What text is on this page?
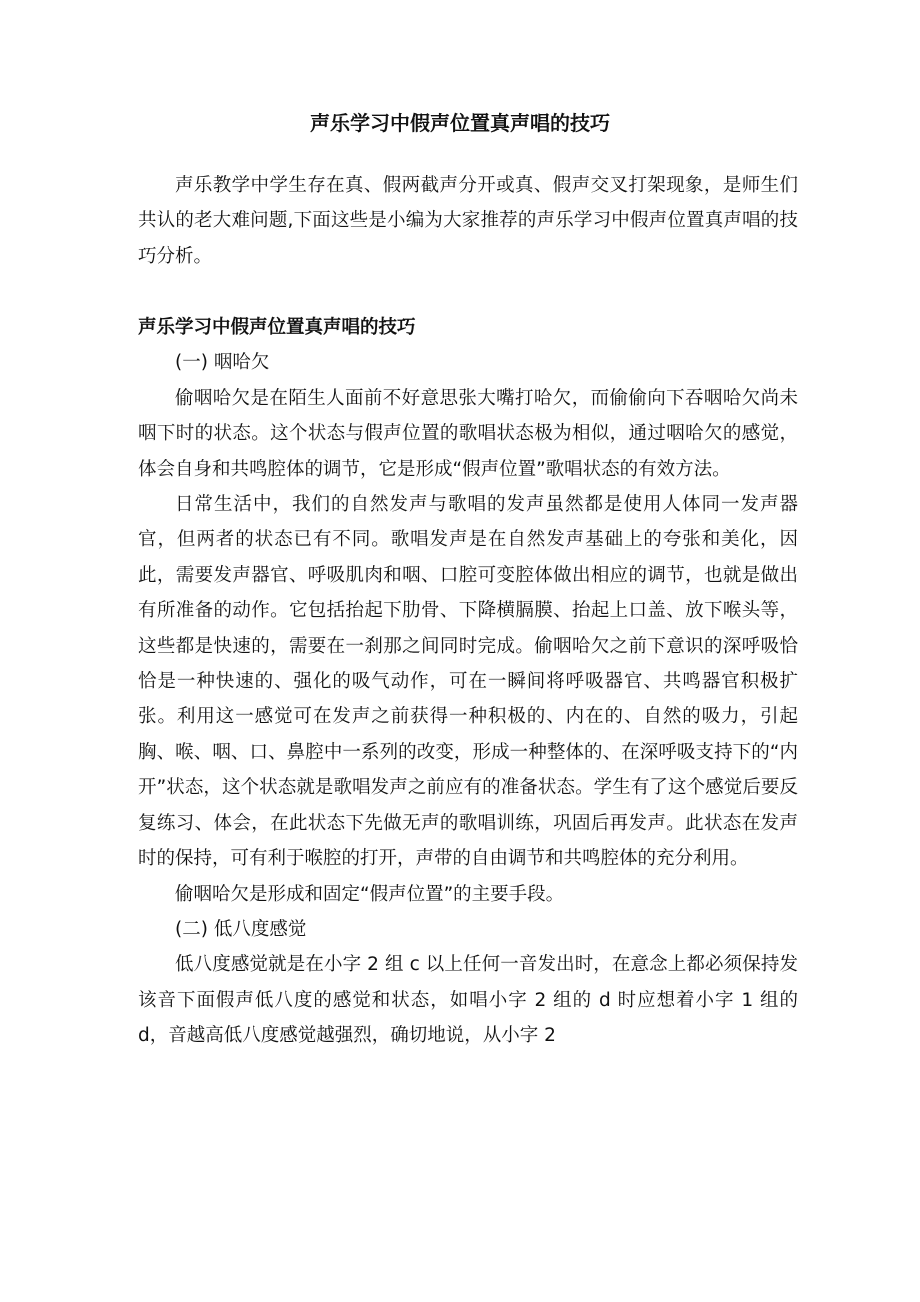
声乐学习中假声位置真声唱的技巧

声乐教学中学生存在真、假两截声分开或真、假声交叉打架现象，是师生们共认的老大难问题,下面这些是小编为大家推荐的声乐学习中假声位置真声唱的技巧分析。

声乐学习中假声位置真声唱的技巧

(一) 咽哈欠

偷咽哈欠是在陌生人面前不好意思张大嘴打哈欠，而偷偷向下吞咽哈欠尚未咽下时的状态。这个状态与假声位置的歌唱状态极为相似，通过咽哈欠的感觉，体会自身和共鸣腔体的调节，它是形成“假声位置”歌唱状态的有效方法。

日常生活中，我们的自然发声与歌唱的发声虽然都是使用人体同一发声器官，但两者的状态已有不同。歌唱发声是在自然发声基础上的夸张和美化，因此，需要发声器官、呼吸肌肉和咽、口腔可变腔体做出相应的调节，也就是做出有所准备的动作。它包括抬起下肋骨、下降横膈膜、抬起上口盖、放下喉头等，这些都是快速的，需要在一刹那之间同时完成。偷咽哈欠之前下意识的深呼吸恰恰是一种快速的、强化的吸气动作，可在一瞬间将呼吸器官、共鸣器官积极扩张。利用这一感觉可在发声之前获得一种积极的、内在的、自然的吸力，引起胸、喉、咽、口、鼻腔中一系列的改变，形成一种整体的、在深呼吸支持下的“内开”状态，这个状态就是歌唱发声之前应有的准备状态。学生有了这个感觉后要反复练习、体会，在此状态下先做无声的歌唱训练，巩固后再发声。此状态在发声时的保持，可有利于喉腔的打开，声带的自由调节和共鸣腔体的充分利用。

偷咽哈欠是形成和固定“假声位置”的主要手段。

(二) 低八度感觉

低八度感觉就是在小字 2 组 c 以上任何一音发出时，在意念上都必须保持发该音下面假声低八度的感觉和状态，如唱小字 2 组的 d 时应想着小字 1 组的 d，音越高低八度感觉越强烈，确切地说，从小字 2
